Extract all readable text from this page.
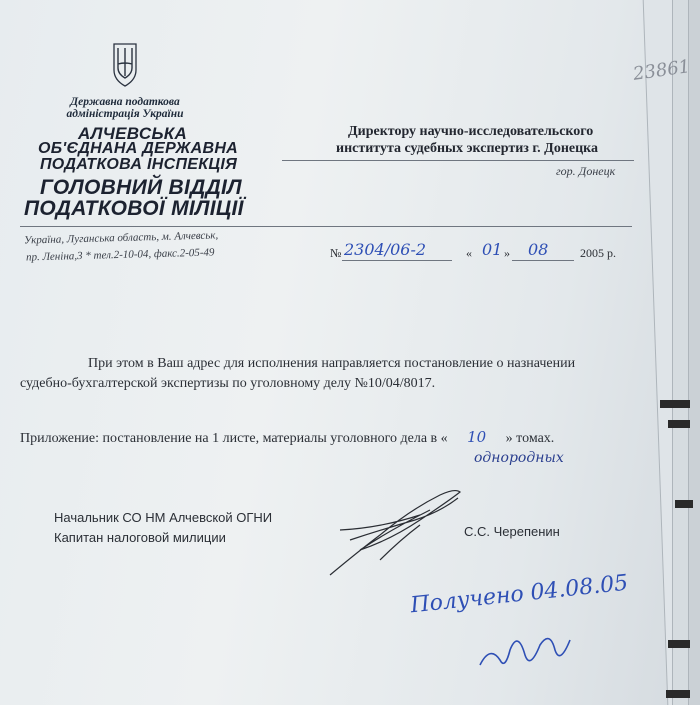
23861
Державна податкова
адміністрація України
АЛЧЕВСЬКА
ОБ'ЄДНАНА ДЕРЖАВНА
ПОДАТКОВА ІНСПЕКЦІЯ
ГОЛОВНИЙ ВІДДІЛ
ПОДАТКОВОЇ МІЛІЦІЇ
Україна, Луганська область, м. Алчевськ,
пр. Леніна,3 * тел.2-10-04, факс.2-05-49
Директору научно-исследовательского
института судебных экспертиз г. Донецка
гор. Донецк
№ 2304/06-2	« 01 » 08	2005 р.
При этом в Ваш адрес для исполнения направляется постановление о назначении
судебно-бухгалтерской экспертизы по уголовному делу №10/04/8017.
Приложение: постановление на 1 листе, материалы уголовного дела в « 10 » томах.
однородных
Начальник СО НМ Алчевской ОГНИ
Капитан налоговой милиции	С.С. Черепенин
Получено 04.08.05
